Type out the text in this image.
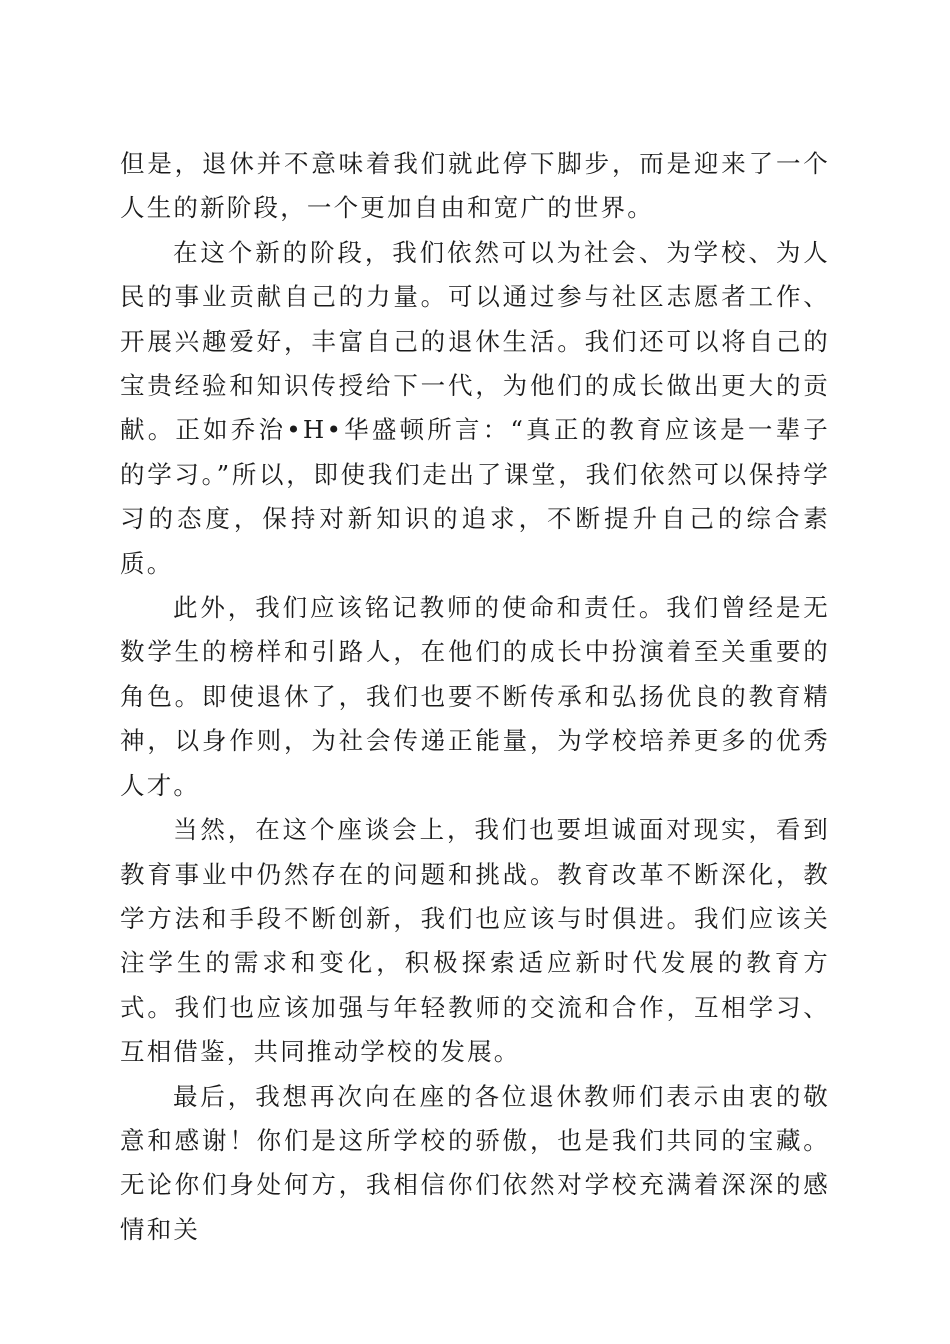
但是，退休并不意味着我们就此停下脚步，而是迎来了一个人生的新阶段，一个更加自由和宽广的世界。

在这个新的阶段，我们依然可以为社会、为学校、为人民的事业贡献自己的力量。可以通过参与社区志愿者工作、开展兴趣爱好，丰富自己的退休生活。我们还可以将自己的宝贵经验和知识传授给下一代，为他们的成长做出更大的贡献。正如乔治•H•华盛顿所言：“真正的教育应该是一辈子的学习。”所以，即使我们走出了课堂，我们依然可以保持学习的态度，保持对新知识的追求，不断提升自己的综合素质。

此外，我们应该铭记教师的使命和责任。我们曾经是无数学生的榜样和引路人，在他们的成长中扮演着至关重要的角色。即使退休了，我们也要不断传承和弘扬优良的教育精神，以身作则，为社会传递正能量，为学校培养更多的优秀人才。

当然，在这个座谈会上，我们也要坦诚面对现实，看到教育事业中仍然存在的问题和挑战。教育改革不断深化，教学方法和手段不断创新，我们也应该与时俱进。我们应该关注学生的需求和变化，积极探索适应新时代发展的教育方式。我们也应该加强与年轻教师的交流和合作，互相学习、互相借鉴，共同推动学校的发展。

最后，我想再次向在座的各位退休教师们表示由衷的敬意和感谢！你们是这所学校的骄傲，也是我们共同的宝藏。无论你们身处何方，我相信你们依然对学校充满着深深的感情和关
